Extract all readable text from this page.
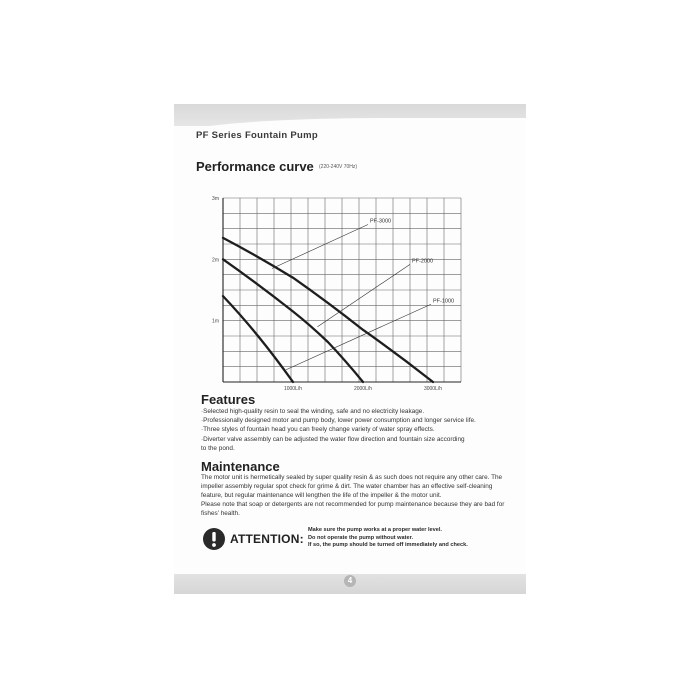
PF Series Fountain Pump
Performance curve (220-240V 70Hz)
1m
2m
3m
1000L/h	2000L/h	3000L/h
PF-3000
PF-2000
PF-1000
Features
·Selected high-quality resin to seal the winding, safe and no electricity leakage.
·Professionally designed motor and pump body, lower power consumption and longer service life.
·Three styles of fountain head you can freely change variety of water spray effects.
·Diverter valve assembly can be adjusted the water flow direction and fountain size according
to the pond.
Maintenance

The motor unit is hermetically sealed by super quality resin & as such does not require any other care. The impeller assembly regular spot check for grime & dirt. The water chamber has an effective self-cleaning feature, but regular maintenance will lengthen the life of the impeller & the motor unit.

Please note that soap or detergents are not recommended for pump maintenance because they are bad for fishes' health.

ATTENTION:

Make sure the pump works at a proper water level.

Do not operate the pump without water.

If so, the pump should be turned off immediately and check.

4
